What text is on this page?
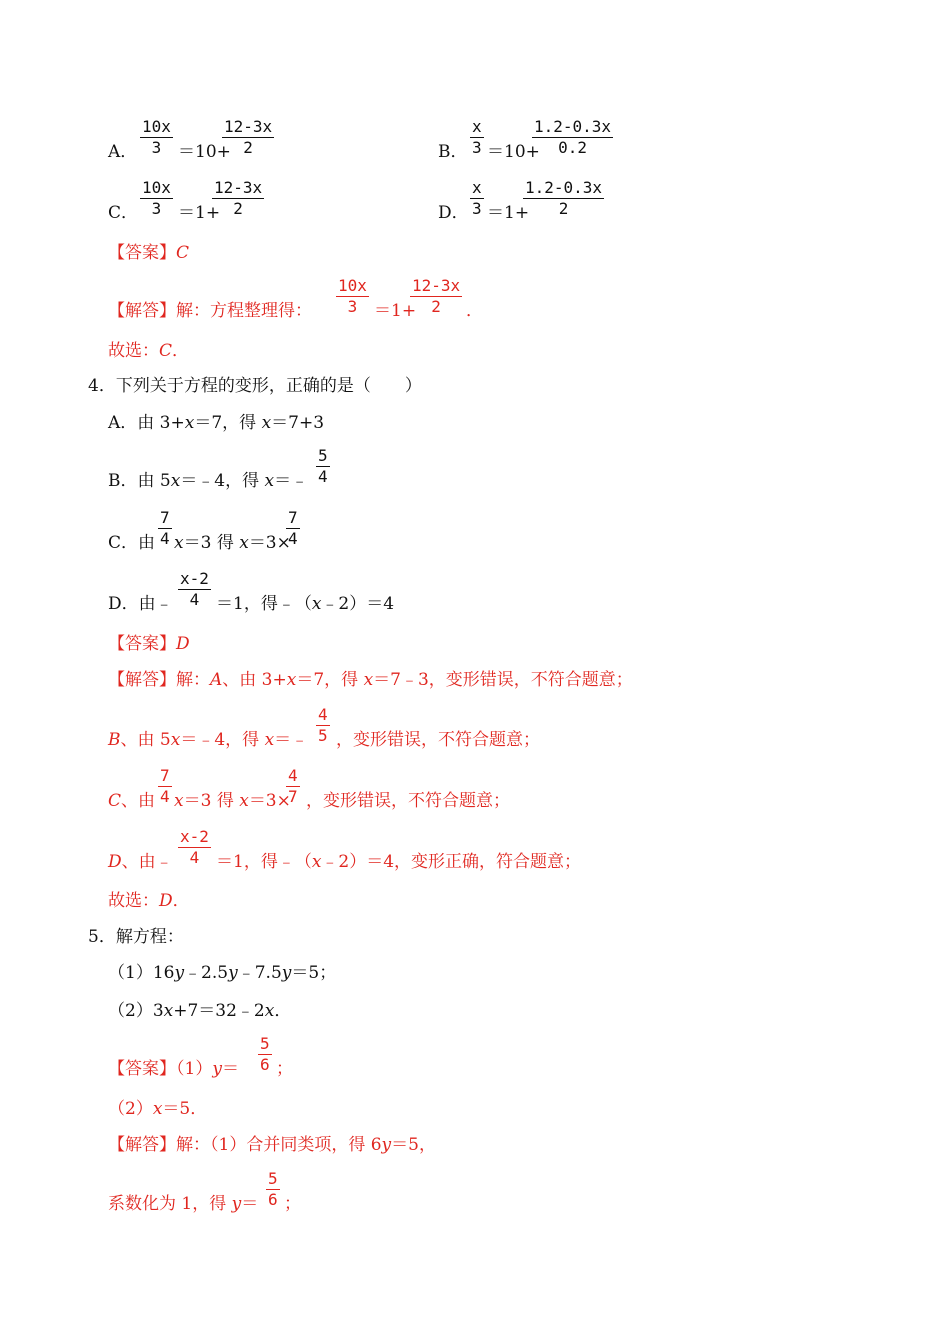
A． $\frac{10x}{3} =10+$
$\frac{12-3x}{2}$	B． $\frac{x}{3} =10+$
$\frac{1.2-0.3x}{0.2}$
C． $\frac{10x}{3} =1+$
$\frac{12-3x}{2}$	D． $\frac{x}{3} =1+$
$\frac{1.2-0.3x}{2}$
【答案】C
【解答】解：方程整理得： $\frac{10x}{3} =1+$
$\frac{12-3x}{2}$ ．
故选：C．
4．下列关于方程的变形，正确的是（　　）
A．由 3+x＝7，得 x＝7+3
B．由 5x＝﹣4，得 x＝﹣ $\frac{5}{4}$
C．由 $\frac{7}{4} x=3$ 得 x＝3×
$\frac{7}{4}$
D．由﹣ $\frac{x-2}{4} =1$，得﹣（x﹣2）＝4
【答案】D
【解答】解：A、由 3+x＝7，得 x＝7﹣3，变形错误，不符合题意；
B、由 5x＝﹣4，得 x＝﹣ $\frac{4}{5}$ ，变形错误，不符合题意；
C、由 $\frac{7}{4} x=3$ 得 x＝3×
$\frac{4}{7}$ ，变形错误，不符合题意；
D、由﹣ $\frac{x-2}{4} =1$，得﹣（x﹣2）＝4，变形正确，符合题意；
故选：D．
5．解方程：
（1）16y﹣2.5y﹣7.5y＝5；
（2）3x+7＝32﹣2x．
【答案】$(1)y= \frac{5}{6}$ ；
（2）x＝5．
【解答】解：（1）合并同类项，得 6y＝5，
系数化为 1，得 $y= \frac{5}{6}$ ；
